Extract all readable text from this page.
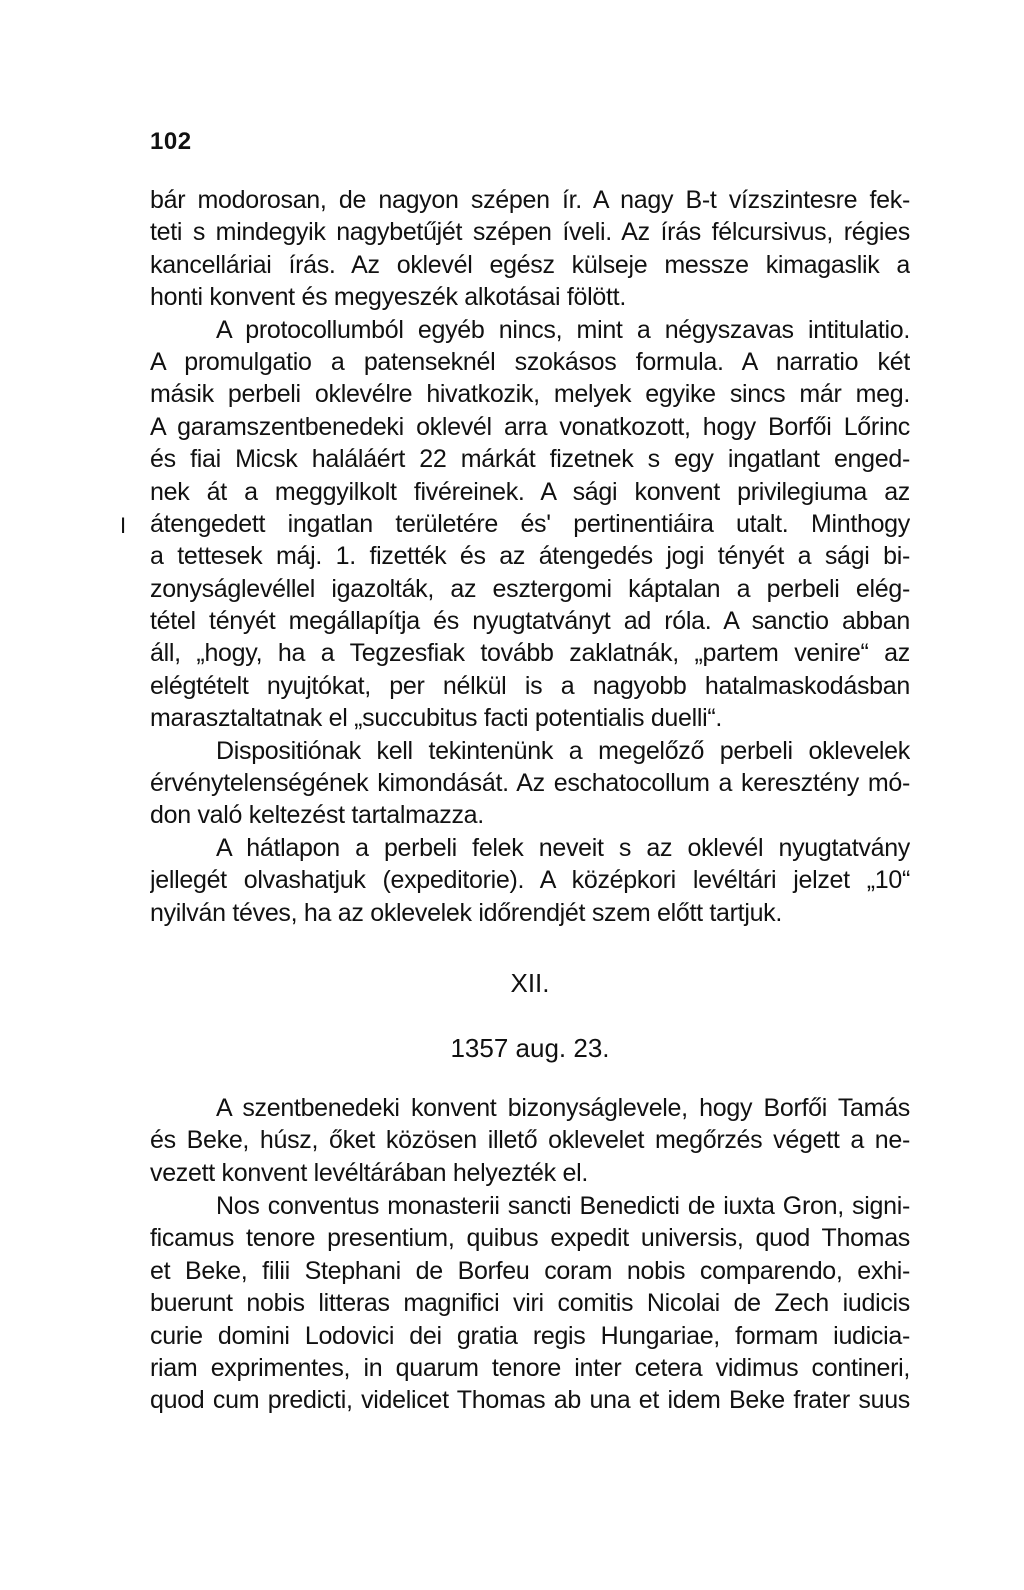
102
I
bár modorosan, de nagyon szépen ír. A nagy B-t vízszintesre fek-
teti s mindegyik nagybetűjét szépen íveli. Az írás félcursivus, régies
kancelláriai írás. Az oklevél egész külseje messze kimagaslik a
honti konvent és megyeszék alkotásai fölött.
A protocollumból egyéb nincs, mint a négyszavas intitulatio.
A promulgatio a patenseknél szokásos formula. A narratio két
másik perbeli oklevélre hivatkozik, melyek egyike sincs már meg.
A garamszentbenedeki oklevél arra vonatkozott, hogy Borfői Lőrinc
és fiai Micsk haláláért 22 márkát fizetnek s egy ingatlant enged-
nek át a meggyilkolt fivéreinek. A sági konvent privilegiuma az
átengedett ingatlan területére és' pertinentiáira utalt. Minthogy
a tettesek máj. 1. fizették és az átengedés jogi tényét a sági bi-
zonyságlevéllel igazolták, az esztergomi káptalan a perbeli elég-
tétel tényét megállapítja és nyugtatványt ad róla. A sanctio abban
áll, „hogy, ha a Tegzesfiak tovább zaklatnák, „partem venire“ az
elégtételt nyujtókat, per nélkül is a nagyobb hatalmaskodásban
marasztaltatnak el „succubitus facti potentialis duelli“.
Dispositiónak kell tekintenünk a megelőző perbeli oklevelek
érvénytelenségének kimondását. Az eschatocollum a keresztény mó-
don való keltezést tartalmazza.
A hátlapon a perbeli felek neveit s az oklevél nyugtatvány
jellegét olvashatjuk (expeditorie). A középkori levéltári jelzet „10“
nyilván téves, ha az oklevelek időrendjét szem előtt tartjuk.
XII.
1357 aug. 23.
A szentbenedeki konvent bizonyságlevele, hogy Borfői Tamás
és Beke, húsz, őket közösen illető oklevelet megőrzés végett a ne-
vezett konvent levéltárában helyezték el.
Nos conventus monasterii sancti Benedicti de iuxta Gron, signi-
ficamus tenore presentium, quibus expedit universis, quod Thomas
et Beke, filii Stephani de Borfeu coram nobis comparendo, exhi-
buerunt nobis litteras magnifici viri comitis Nicolai de Zech iudicis
curie domini Lodovici dei gratia regis Hungariae, formam iudicia-
riam exprimentes, in quarum tenore inter cetera vidimus contineri,
quod cum predicti, videlicet Thomas ab una et idem Beke frater suus
